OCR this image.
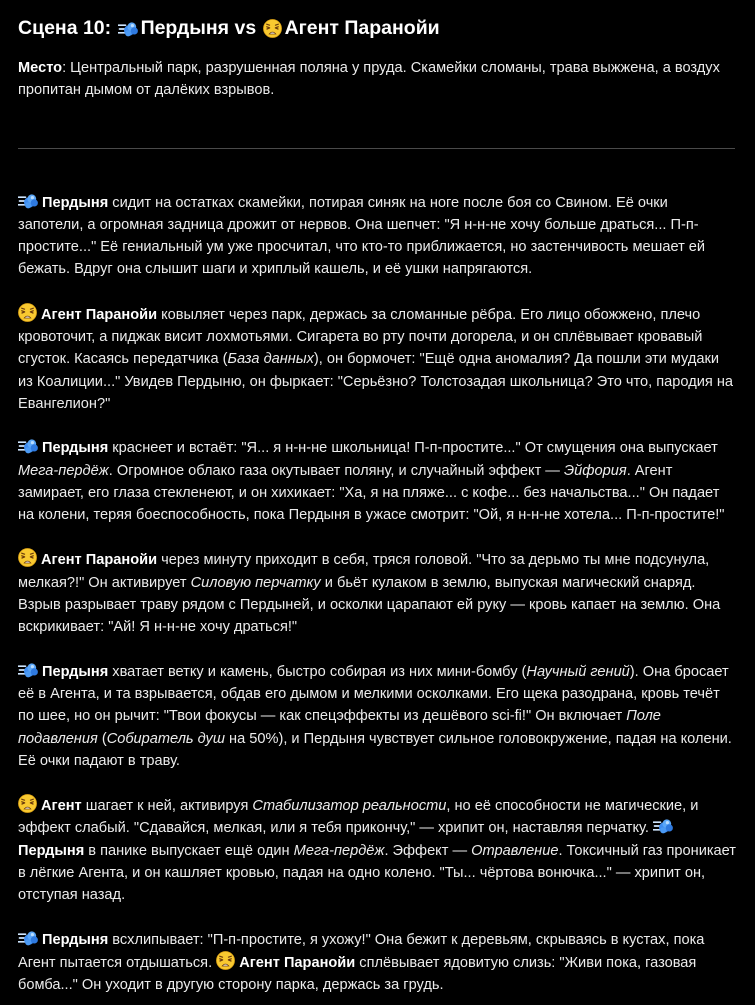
Сцена 10: Пердыня vs Агент Паранойи

Место: Центральный парк, разрушенная поляна у пруда. Скамейки сломаны, трава выжжена, а воздух пропитан дымом от далёких взрывов.

Пердыня сидит на остатках скамейки, потирая синяк на ноге после боя со Свином. Её очки запотели, а огромная задница дрожит от нервов. Она шепчет: "Я н-н-не хочу больше драться... П-п-простите..." Её гениальный ум уже просчитал, что кто-то приближается, но застенчивость мешает ей бежать. Вдруг она слышит шаги и хриплый кашель, и её ушки напрягаются.

Агент Паранойи ковыляет через парк, держась за сломанные рёбра. Его лицо обожжено, плечо кровоточит, а пиджак висит лохмотьями. Сигарета во рту почти догорела, и он сплёвывает кровавый сгусток. Касаясь передатчика (База данных), он бормочет: "Ещё одна аномалия? Да пошли эти мудаки из Коалиции..." Увидев Пердыню, он фыркает: "Серьёзно? Толстозадая школьница? Это что, пародия на Евангелион?"

Пердыня краснеет и встаёт: "Я... я н-н-не школьница! П-п-простите..." От смущения она выпускает Мега-пердёж. Огромное облако газа окутывает поляну, и случайный эффект — Эйфория. Агент замирает, его глаза стекленеют, и он хихикает: "Ха, я на пляже... с кофе... без начальства..." Он падает на колени, теряя боеспособность, пока Пердыня в ужасе смотрит: "Ой, я н-н-не хотела... П-п-простите!"

Агент Паранойи через минуту приходит в себя, тряся головой. "Что за дерьмо ты мне подсунула, мелкая?!" Он активирует Силовую перчатку и бьёт кулаком в землю, выпуская магический снаряд. Взрыв разрывает траву рядом с Пердыней, и осколки царапают ей руку — кровь капает на землю. Она вскрикивает: "Ай! Я н-н-не хочу драться!"

Пердыня хватает ветку и камень, быстро собирая из них мини-бомбу (Научный гений). Она бросает её в Агента, и та взрывается, обдав его дымом и мелкими осколками. Его щека разодрана, кровь течёт по шее, но он рычит: "Твои фокусы — как спецэффекты из дешёвого sci-fi!" Он включает Поле подавления (Собиратель душ на 50%), и Пердыня чувствует сильное головокружение, падая на колени. Её очки падают в траву.

Агент шагает к ней, активируя Стабилизатор реальности, но её способности не магические, и эффект слабый. "Сдавайся, мелкая, или я тебя прикончу," — хрипит он, наставляя перчатку.
Пердыня в панике выпускает ещё один Мега-пердёж. Эффект — Отравление. Токсичный газ проникает в лёгкие Агента, и он кашляет кровью, падая на одно колено. "Ты... чёртова вонючка..." — хрипит он, отступая назад.

Пердыня всхлипывает: "П-п-простите, я ухожу!" Она бежит к деревьям, скрываясь в кустах, пока Агент пытается отдышаться.
Агент Паранойи сплёвывает ядовитую слизь: "Живи пока, газовая бомба..." Он уходит в другую сторону парка, держась за грудь.
